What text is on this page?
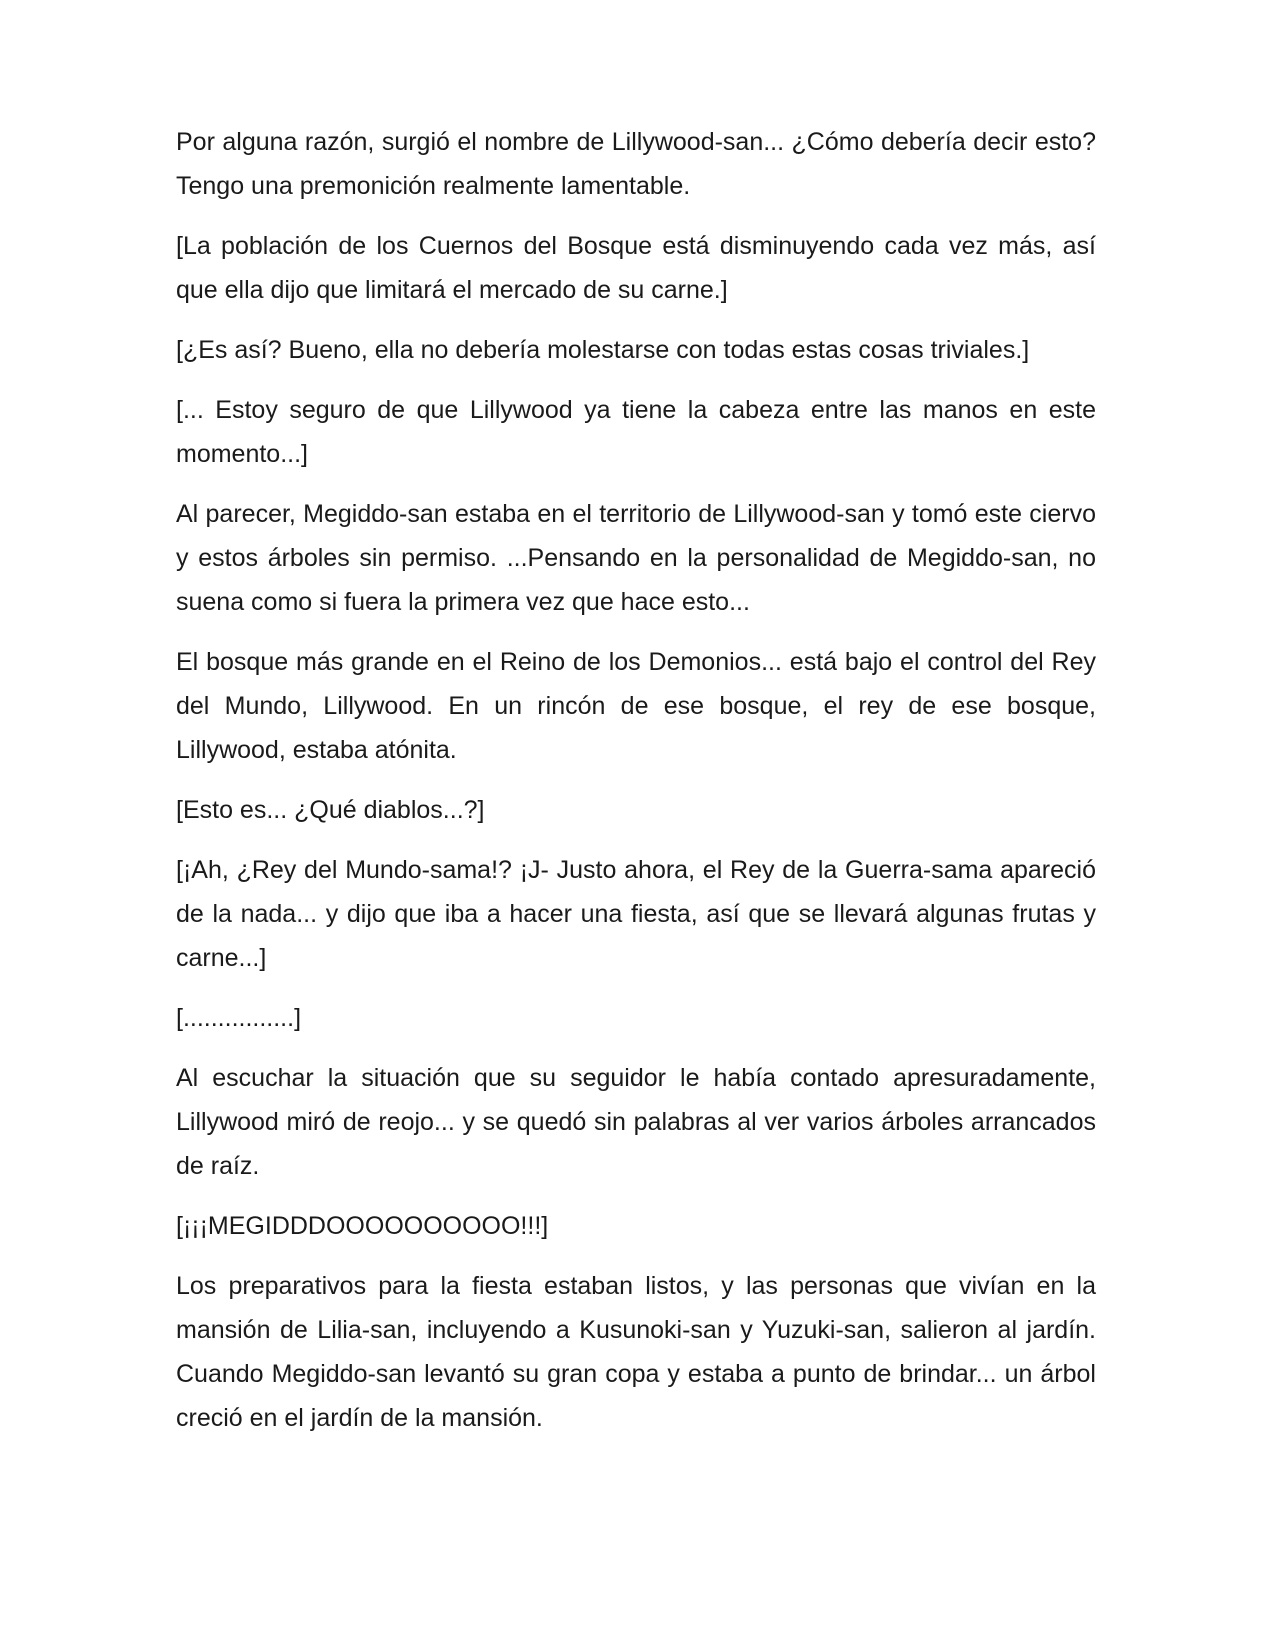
Por alguna razón, surgió el nombre de Lillywood-san... ¿Cómo debería decir esto? Tengo una premonición realmente lamentable.

[La población de los Cuernos del Bosque está disminuyendo cada vez más, así que ella dijo que limitará el mercado de su carne.]

[¿Es así? Bueno, ella no debería molestarse con todas estas cosas triviales.]

[... Estoy seguro de que Lillywood ya tiene la cabeza entre las manos en este momento...]

Al parecer, Megiddo-san estaba en el territorio de Lillywood-san y tomó este ciervo y estos árboles sin permiso. ...Pensando en la personalidad de Megiddo-san, no suena como si fuera la primera vez que hace esto...

El bosque más grande en el Reino de los Demonios... está bajo el control del Rey del Mundo, Lillywood. En un rincón de ese bosque, el rey de ese bosque, Lillywood, estaba atónita.

[Esto es... ¿Qué diablos...?]

[¡Ah, ¿Rey del Mundo-sama!? ¡J- Justo ahora, el Rey de la Guerra-sama apareció de la nada... y dijo que iba a hacer una fiesta, así que se llevará algunas frutas y carne...]

[................]

Al escuchar la situación que su seguidor le había contado apresuradamente, Lillywood miró de reojo... y se quedó sin palabras al ver varios árboles arrancados de raíz.

[¡¡¡MEGIDDDOOOOOOOOOO!!!]

Los preparativos para la fiesta estaban listos, y las personas que vivían en la mansión de Lilia-san, incluyendo a Kusunoki-san y Yuzuki-san, salieron al jardín. Cuando Megiddo-san levantó su gran copa y estaba a punto de brindar... un árbol creció en el jardín de la mansión.
